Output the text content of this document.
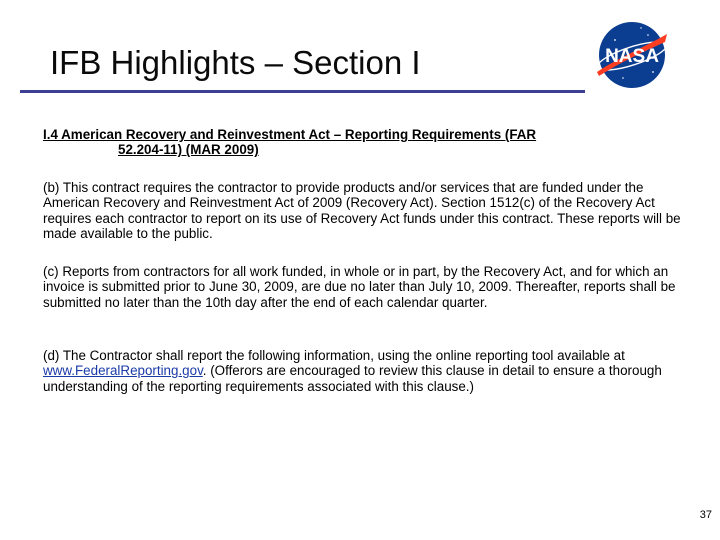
IFB Highlights – Section I	NASA
I.4 American Recovery and Reinvestment Act – Reporting Requirements (FAR
52.204-11) (MAR 2009)
(b) This contract requires the contractor to provide products and/or services that are funded under the American Recovery and Reinvestment Act of 2009 (Recovery Act). Section 1512(c) of the Recovery Act requires each contractor to report on its use of Recovery Act funds under this contract. These reports will be made available to the public.
(c) Reports from contractors for all work funded, in whole or in part, by the Recovery Act, and for which an invoice is submitted prior to June 30, 2009, are due no later than July 10, 2009. Thereafter, reports shall be submitted no later than the 10th day after the end of each calendar quarter.
(d) The Contractor shall report the following information, using the online reporting tool available at www.FederalReporting.gov. (Offerors are encouraged to review this clause in detail to ensure a thorough understanding of the reporting requirements associated with this clause.)
37
